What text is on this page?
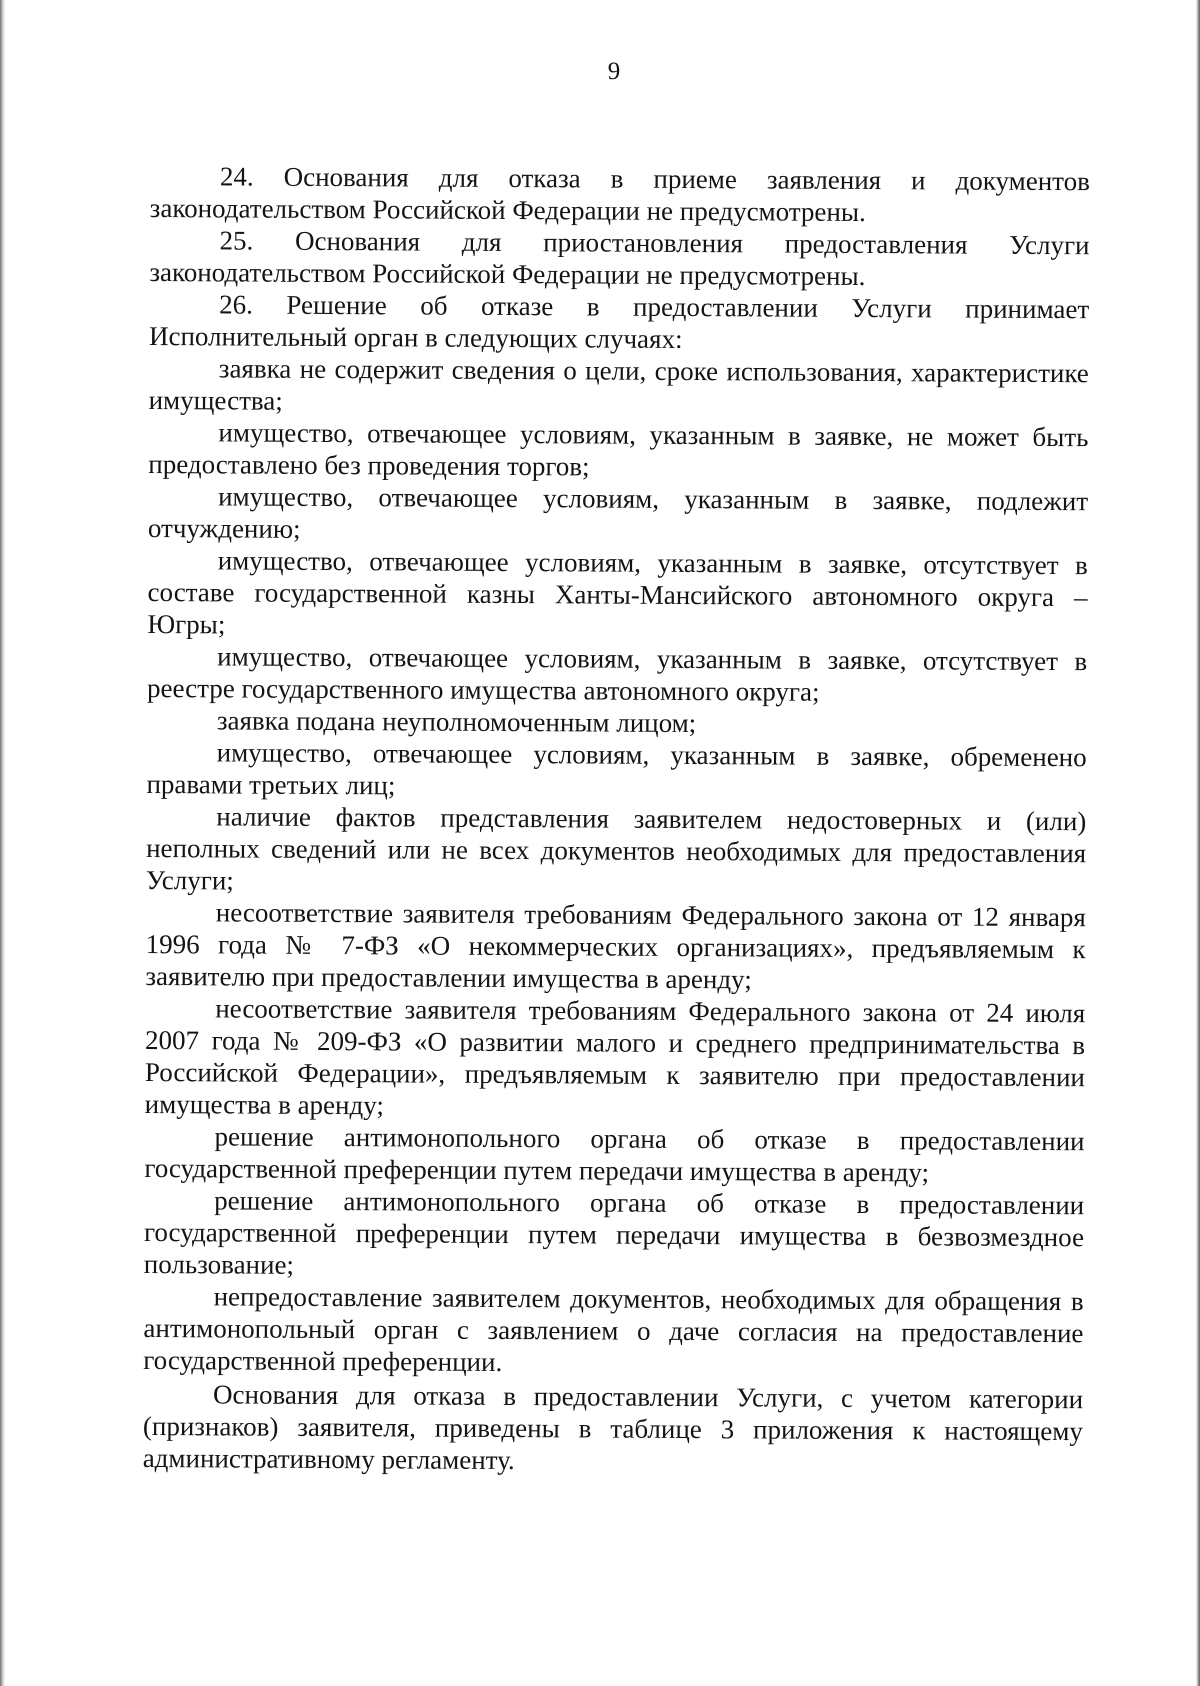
9

24. Основания для отказа в приеме заявления и документов законодательством Российской Федерации не предусмотрены.

25. Основания для приостановления предоставления Услуги законодательством Российской Федерации не предусмотрены.

26. Решение об отказе в предоставлении Услуги принимает Исполнительный орган в следующих случаях:

заявка не содержит сведения о цели, сроке использования, характеристике имущества;

имущество, отвечающее условиям, указанным в заявке, не может быть предоставлено без проведения торгов;

имущество, отвечающее условиям, указанным в заявке, подлежит отчуждению;

имущество, отвечающее условиям, указанным в заявке, отсутствует в составе государственной казны Ханты-Мансийского автономного округа – Югры;

имущество, отвечающее условиям, указанным в заявке, отсутствует в реестре государственного имущества автономного округа;

заявка подана неуполномоченным лицом;

имущество, отвечающее условиям, указанным в заявке, обременено правами третьих лиц;

наличие фактов представления заявителем недостоверных и (или) неполных сведений или не всех документов необходимых для предоставления Услуги;

несоответствие заявителя требованиям Федерального закона от 12 января 1996 года № 7-ФЗ «О некоммерческих организациях», предъявляемым к заявителю при предоставлении имущества в аренду;

несоответствие заявителя требованиям Федерального закона от 24 июля 2007 года № 209-ФЗ «О развитии малого и среднего предпринимательства в Российской Федерации», предъявляемым к заявителю при предоставлении имущества в аренду;

решение антимонопольного органа об отказе в предоставлении государственной преференции путем передачи имущества в аренду;

решение антимонопольного органа об отказе в предоставлении государственной преференции путем передачи имущества в безвозмездное пользование;

непредоставление заявителем документов, необходимых для обращения в антимонопольный орган с заявлением о даче согласия на предоставление государственной преференции.

Основания для отказа в предоставлении Услуги, с учетом категории (признаков) заявителя, приведены в таблице 3 приложения к настоящему административному регламенту.
